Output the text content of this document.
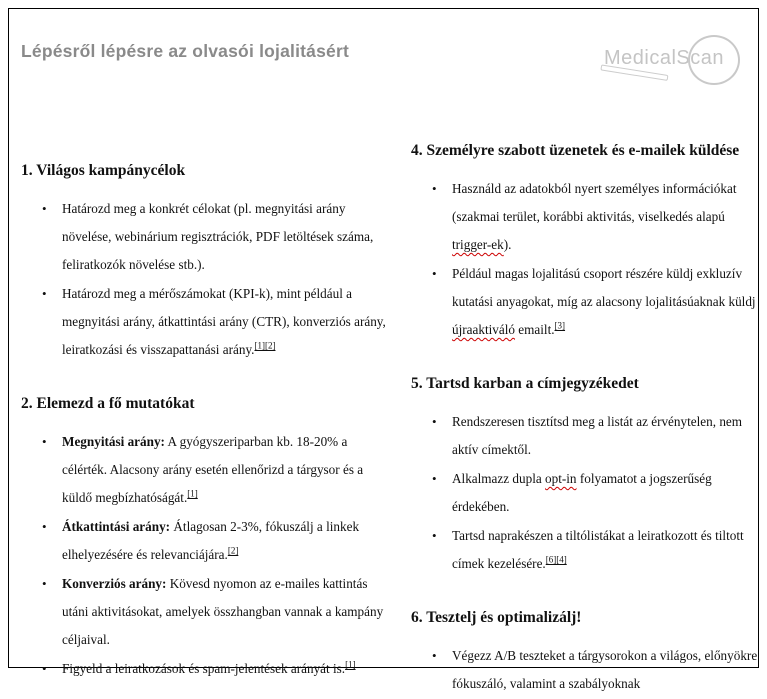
Lépésről lépésre az olvasói lojalitásért	MedicalScan
1. Világos kampánycélok
•	Határozd meg a konkrét célokat (pl. megnyitási arány növelése, webinárium regisztrációk, PDF letöltések száma, feliratkozók növelése stb.).
•	Határozd meg a mérőszámokat (KPI-k), mint például a megnyitási arány, átkattintási arány (CTR), konverziós arány, leiratkozási és visszapattanási arány.[1][2]
2. Elemezd a fő mutatókat
•	Megnyitási arány: A gyógyszeriparban kb. 18-20% a célérték. Alacsony arány esetén ellenőrizd a tárgysor és a küldő megbízhatóságát.[1]
•	Átkattintási arány: Átlagosan 2-3%, fókuszálj a linkek elhelyezésére és relevanciájára.[2]
•	Konverziós arány: Kövesd nyomon az e-mailes kattintás utáni aktivitásokat, amelyek összhangban vannak a kampány céljaival.
•	Figyeld a leiratkozások és spam-jelentések arányát is.[1]
4. Személyre szabott üzenetek és e-mailek küldése
•	Használd az adatokból nyert személyes információkat (szakmai terület, korábbi aktivitás, viselkedés alapú trigger-ek).
•	Például magas lojalitású csoport részére küldj exkluzív kutatási anyagokat, míg az alacsony lojalitásúaknak küldj újraaktiváló emailt.[3]
5. Tartsd karban a címjegyzékedet
•	Rendszeresen tisztítsd meg a listát az érvénytelen, nem aktív címektől.
•	Alkalmazz dupla opt-in folyamatot a jogszerűség érdekében.
•	Tartsd naprakészen a tiltólistákat a leiratkozott és tiltott címek kezelésére.[6][4]
6. Tesztelj és optimalizálj!
•	Végezz A/B teszteket a tárgysorokon a világos, előnyökre fókuszáló, valamint a szabályoknak
